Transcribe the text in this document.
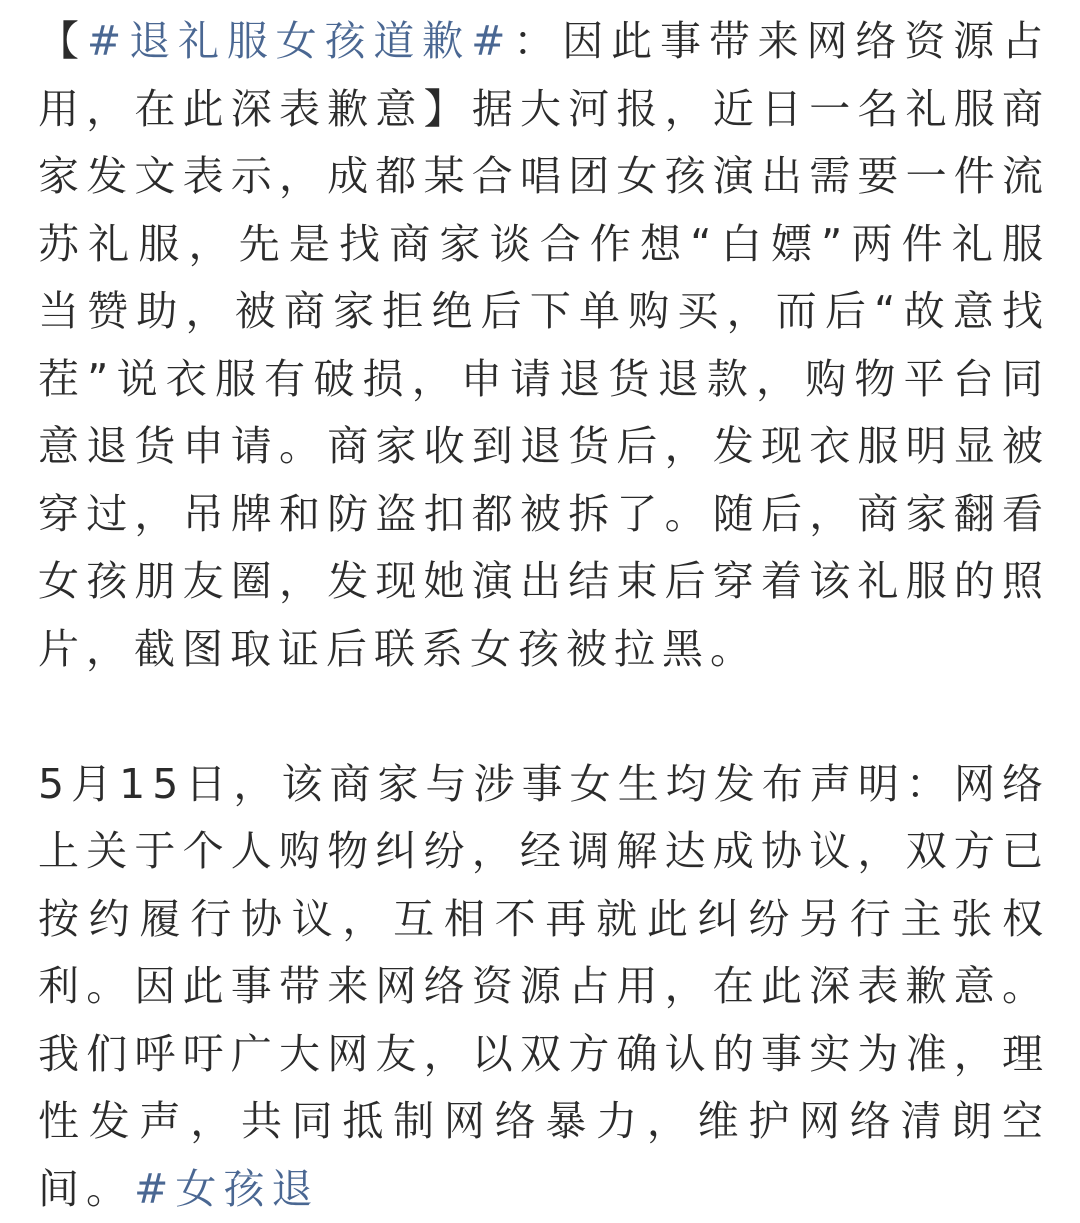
【#退礼服女孩道歉#：因此事带来网络资源占用，在此深表歉意】据大河报，近日一名礼服商家发文表示，成都某合唱团女孩演出需要一件流苏礼服，先是找商家谈合作想“白嫖”两件礼服当赞助，被商家拒绝后下单购买，而后“故意找茬”说衣服有破损，申请退货退款，购物平台同意退货申请。商家收到退货后，发现衣服明显被穿过，吊牌和防盗扣都被拆了。随后，商家翻看女孩朋友圈，发现她演出结束后穿着该礼服的照片，截图取证后联系女孩被拉黑。

5月15日，该商家与涉事女生均发布声明：网络上关于个人购物纠纷，经调解达成协议，双方已按约履行协议，互相不再就此纠纷另行主张权利。因此事带来网络资源占用，在此深表歉意。我们呼吁广大网友，以双方确认的事实为准，理性发声，共同抵制网络暴力，维护网络清朗空间。#女孩退
